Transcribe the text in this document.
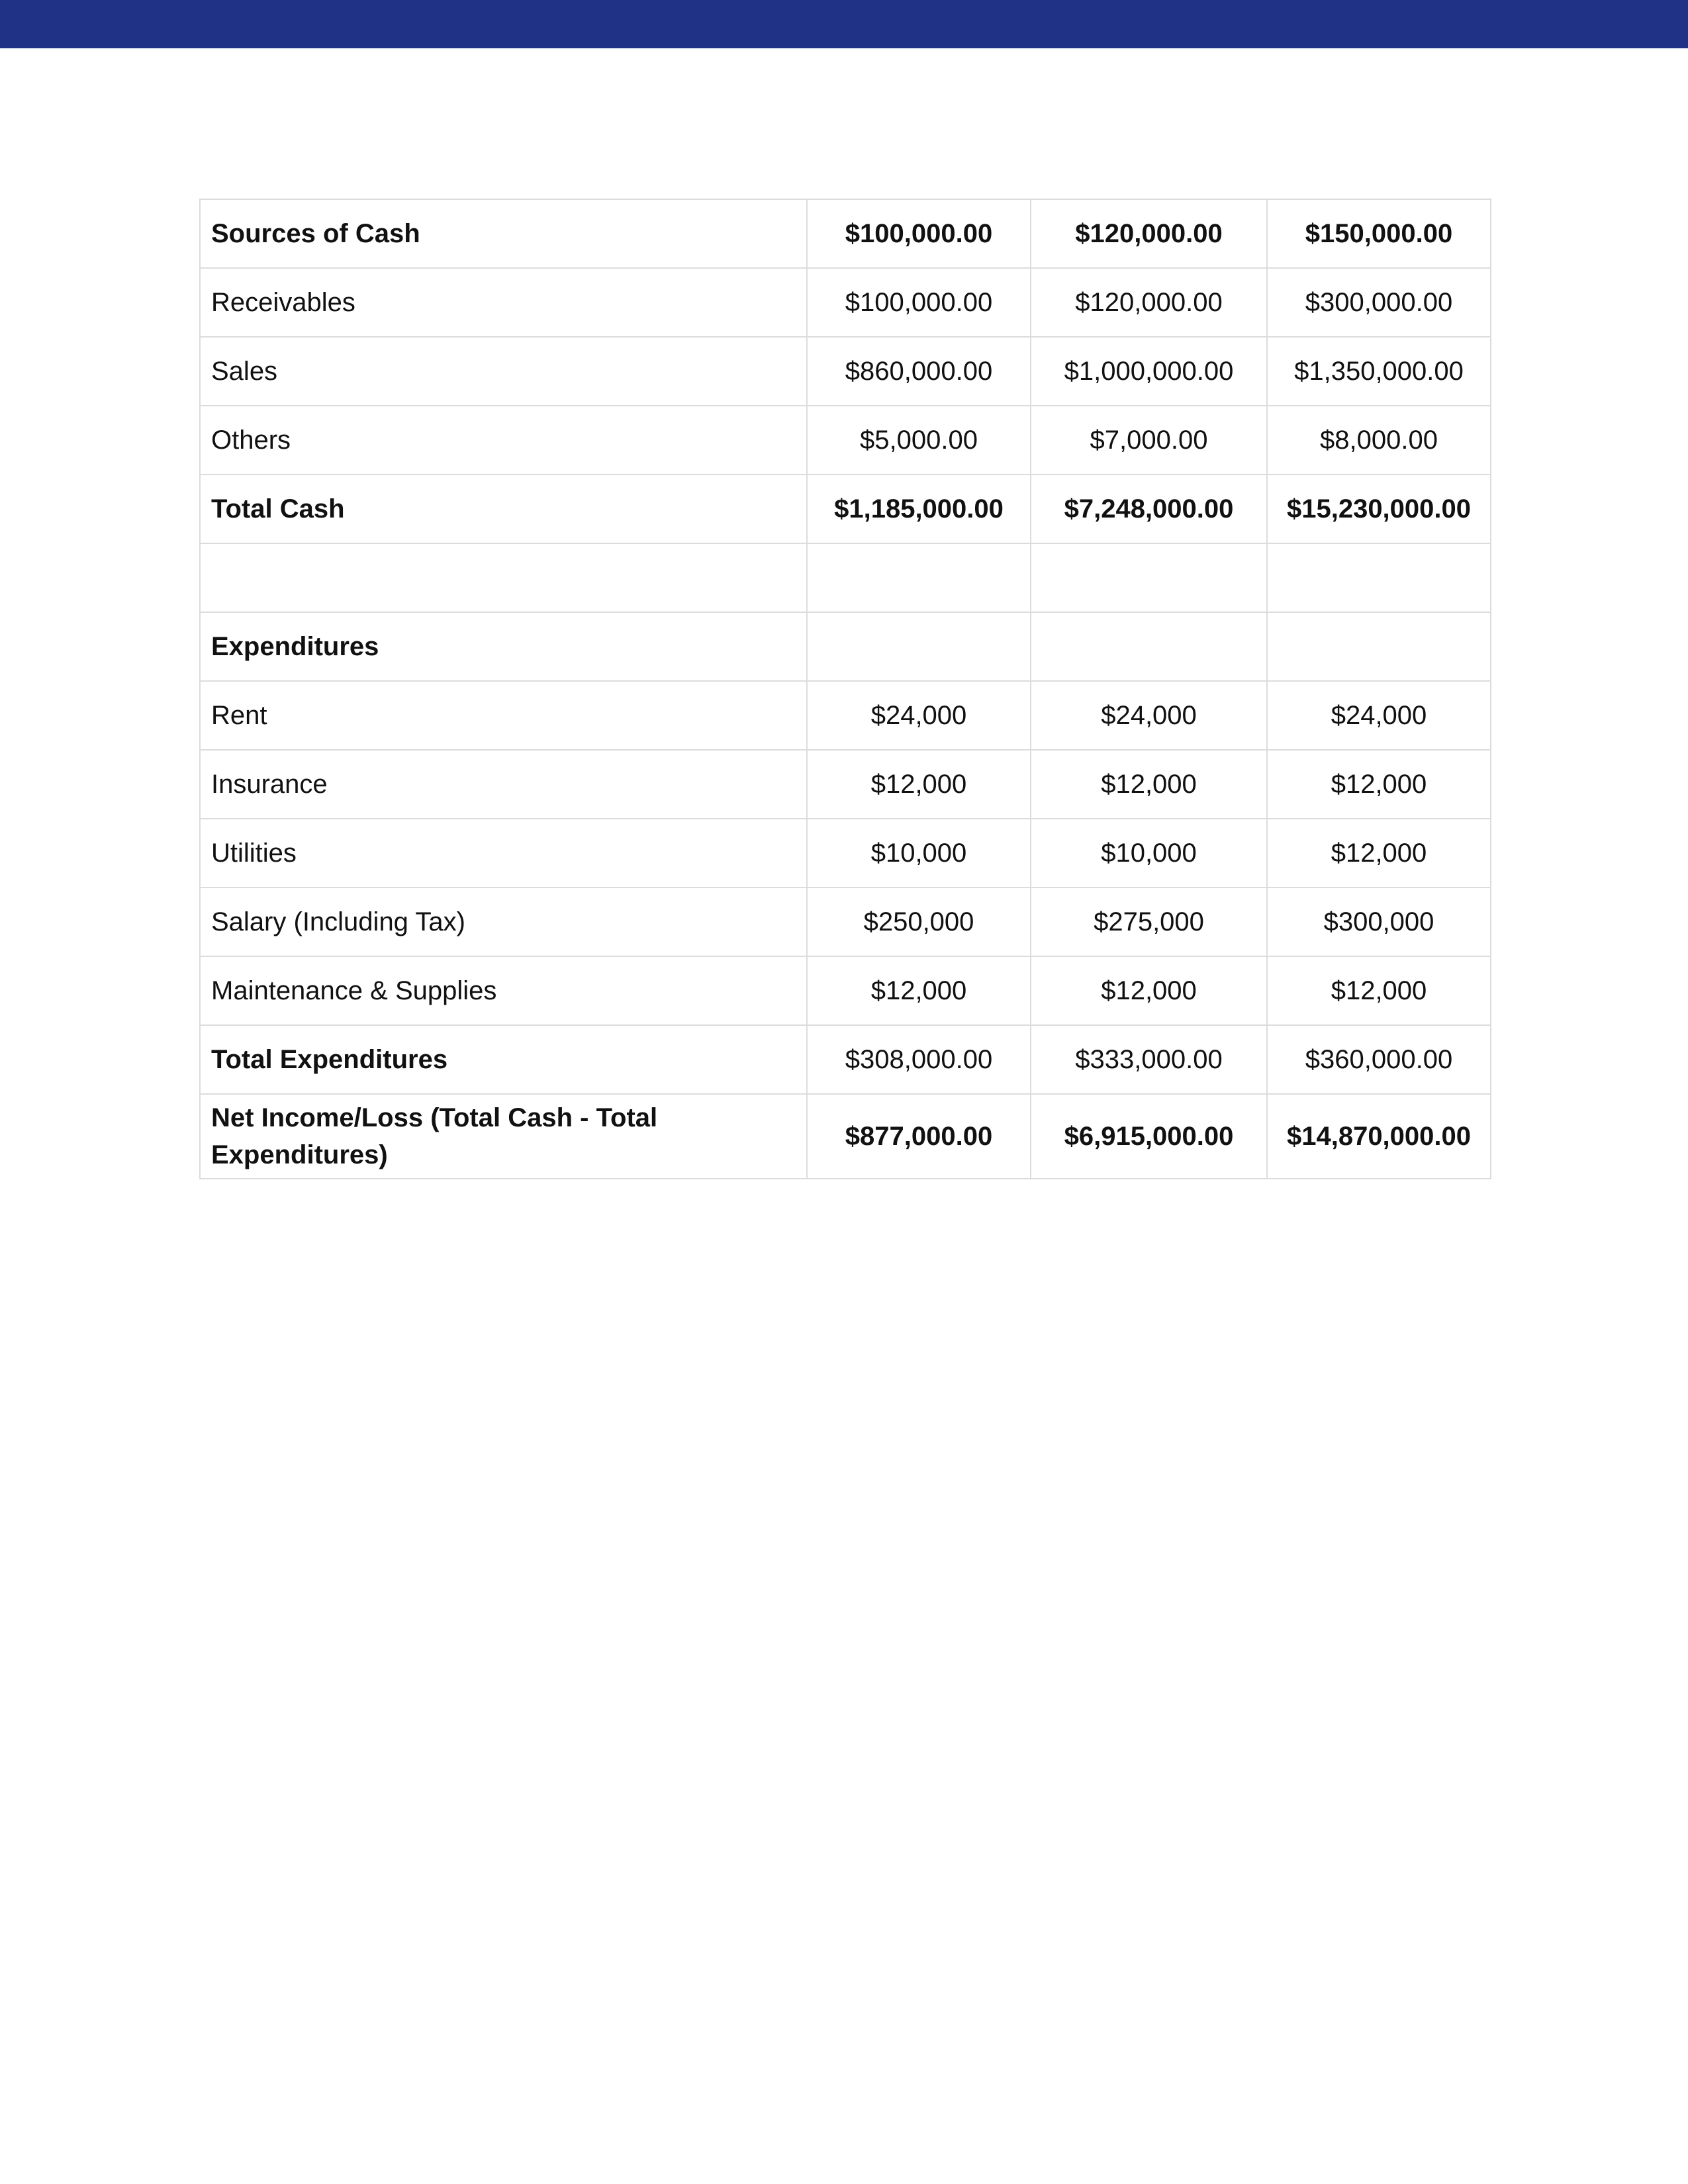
Sources of Cash	$100,000.00	$120,000.00	$150,000.00
Receivables	$100,000.00	$120,000.00	$300,000.00
Sales	$860,000.00	$1,000,000.00	$1,350,000.00
Others	$5,000.00	$7,000.00	$8,000.00
Total Cash	$1,185,000.00	$7,248,000.00	$15,230,000.00

Expenditures			
Rent	$24,000	$24,000	$24,000
Insurance	$12,000	$12,000	$12,000
Utilities	$10,000	$10,000	$12,000
Salary (Including Tax)	$250,000	$275,000	$300,000
Maintenance & Supplies	$12,000	$12,000	$12,000
Total Expenditures	$308,000.00	$333,000.00	$360,000.00
Net Income/Loss (Total Cash - Total Expenditures)	$877,000.00	$6,915,000.00	$14,870,000.00
